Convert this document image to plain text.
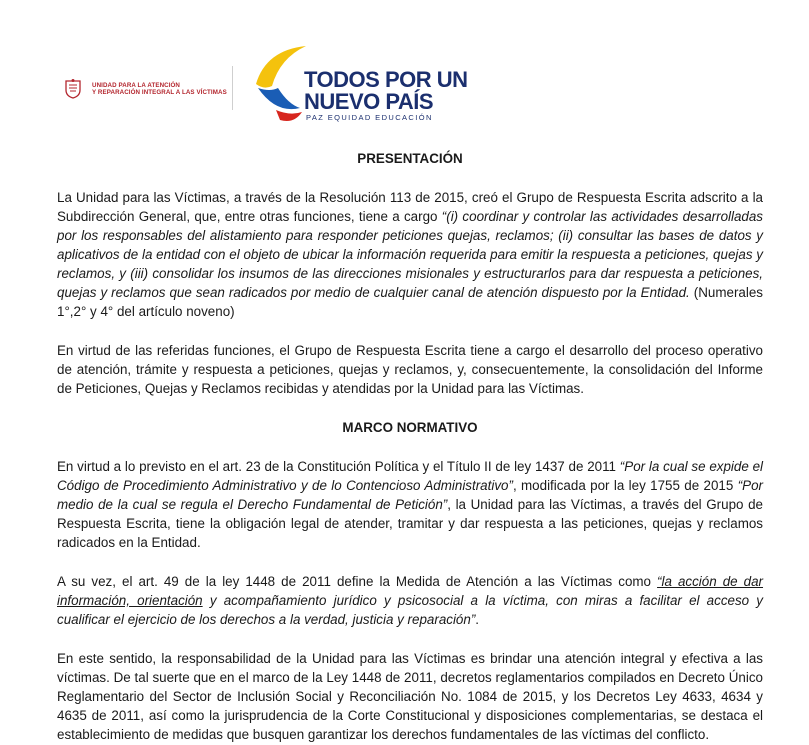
UNIDAD PARA LA ATENCIÓN
Y REPARACIÓN INTEGRAL A LAS VÍCTIMAS
TODOS POR UN
NUEVO PAÍS
PAZ EQUIDAD EDUCACIÓN
PRESENTACIÓN

La Unidad para las Víctimas, a través de la Resolución 113 de 2015, creó el Grupo de Respuesta Escrita adscrito a la Subdirección General, que, entre otras funciones, tiene a cargo “(i) coordinar y controlar las actividades desarrolladas por los responsables del alistamiento para responder peticiones quejas, reclamos; (ii) consultar las bases de datos y aplicativos de la entidad con el objeto de ubicar la información requerida para emitir la respuesta a peticiones, quejas y reclamos, y (iii) consolidar los insumos de las direcciones misionales y estructurarlos para dar respuesta a peticiones, quejas y reclamos que sean radicados por medio de cualquier canal de atención dispuesto por la Entidad. (Numerales 1°,2° y 4° del artículo noveno)

En virtud de las referidas funciones, el Grupo de Respuesta Escrita tiene a cargo el desarrollo del proceso operativo de atención, trámite y respuesta a peticiones, quejas y reclamos, y, consecuentemente, la consolidación del Informe de Peticiones, Quejas y Reclamos recibidas y atendidas por la Unidad para las Víctimas.

MARCO NORMATIVO

En virtud a lo previsto en el art. 23 de la Constitución Política y el Título II de ley 1437 de 2011 “Por la cual se expide el Código de Procedimiento Administrativo y de lo Contencioso Administrativo”, modificada por la ley 1755 de 2015 “Por medio de la cual se regula el Derecho Fundamental de Petición”, la Unidad para las Víctimas, a través del Grupo de Respuesta Escrita, tiene la obligación legal de atender, tramitar y dar respuesta a las peticiones, quejas y reclamos radicados en la Entidad.

A su vez, el art. 49 de la ley 1448 de 2011 define la Medida de Atención a las Víctimas como “la acción de dar información, orientación y acompañamiento jurídico y psicosocial a la víctima, con miras a facilitar el acceso y cualificar el ejercicio de los derechos a la verdad, justicia y reparación”.

En este sentido, la responsabilidad de la Unidad para las Víctimas es brindar una atención integral y efectiva a las víctimas. De tal suerte que en el marco de la Ley 1448 de 2011, decretos reglamentarios compilados en Decreto Único Reglamentario del Sector de Inclusión Social y Reconciliación No. 1084 de 2015, y los Decretos Ley 4633, 4634 y 4635 de 2011, así como la jurisprudencia de la Corte Constitucional y disposiciones complementarias, se destaca el establecimiento de medidas que busquen garantizar los derechos fundamentales de las víctimas del conflicto.
